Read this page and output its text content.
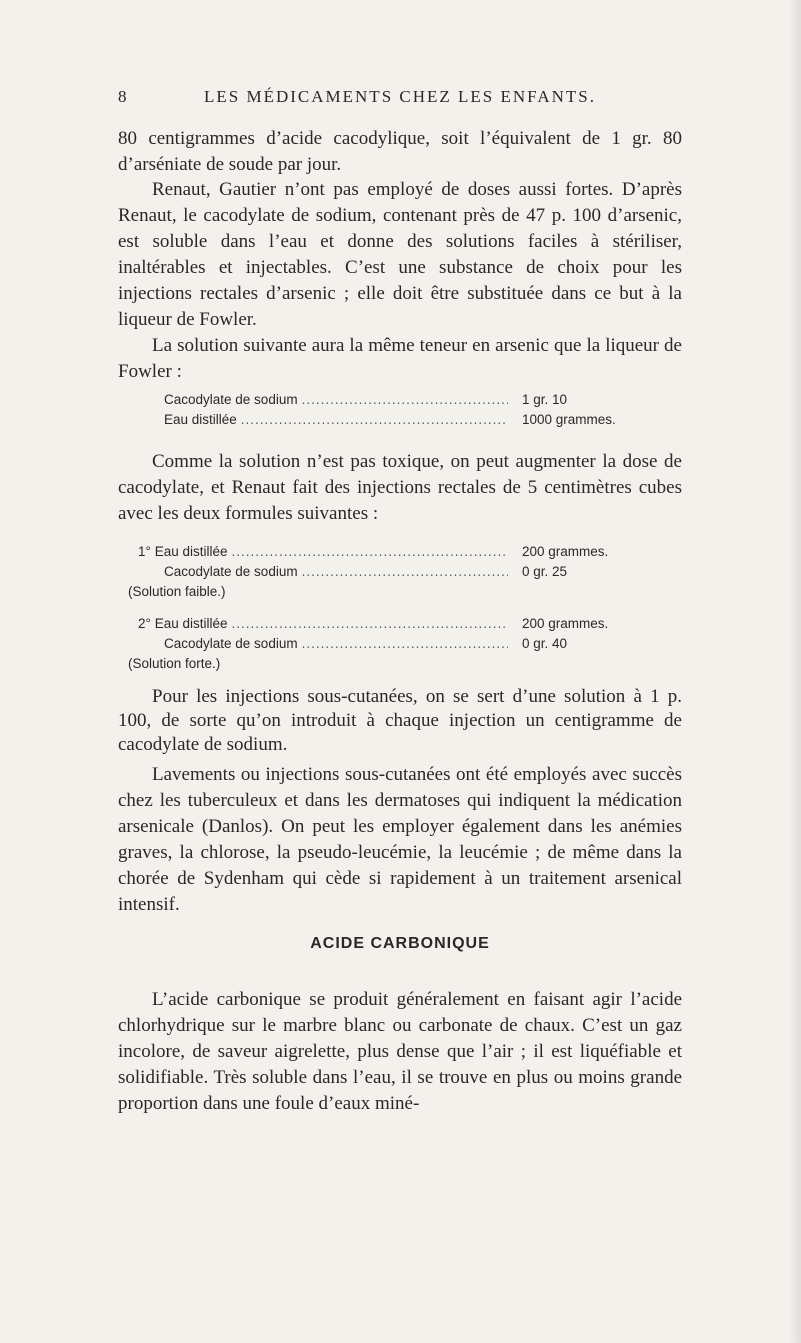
8	LES MÉDICAMENTS CHEZ LES ENFANTS.

80 centigrammes d’acide cacodylique, soit l’équivalent de 1 gr. 80 d’arséniate de soude par jour.

Renaut, Gautier n’ont pas employé de doses aussi fortes. D’après Renaut, le cacodylate de sodium, contenant près de 47 p. 100 d’arsenic, est soluble dans l’eau et donne des solutions faciles à stériliser, inaltérables et injectables. C’est une substance de choix pour les injections rectales d’arsenic ; elle doit être substituée dans ce but à la liqueur de Fowler.

La solution suivante aura la même teneur en arsenic que la liqueur de Fowler :

Cacodylate de sodium .....	1 gr. 10
Eau distillée .....	1000 grammes.

Comme la solution n’est pas toxique, on peut augmenter la dose de cacodylate, et Renaut fait des injections rectales de 5 centimètres cubes avec les deux formules suivantes :

1°
Eau distillée .....	200 grammes.
Cacodylate de sodium .....	0 gr. 25
(Solution faible.)
2°
Eau distillée .....	200 grammes.
Cacodylate de sodium .....	0 gr. 40
(Solution forte.)

Pour les injections sous-cutanées, on se sert d’une solution à 1 p. 100, de sorte qu’on introduit à chaque injection un centigramme de cacodylate de sodium.

Lavements ou injections sous-cutanées ont été employés avec succès chez les tuberculeux et dans les dermatoses qui indiquent la médication arsenicale (Danlos). On peut les employer également dans les anémies graves, la chlorose, la pseudo-leucémie, la leucémie ; de même dans la chorée de Sydenham qui cède si rapidement à un traitement arsenical intensif.

ACIDE CARBONIQUE

L’acide carbonique se produit généralement en faisant agir l’acide chlorhydrique sur le marbre blanc ou carbonate de chaux. C’est un gaz incolore, de saveur aigrelette, plus dense que l’air ; il est liquéfiable et solidifiable. Très soluble dans l’eau, il se trouve en plus ou moins grande proportion dans une foule d’eaux miné-
